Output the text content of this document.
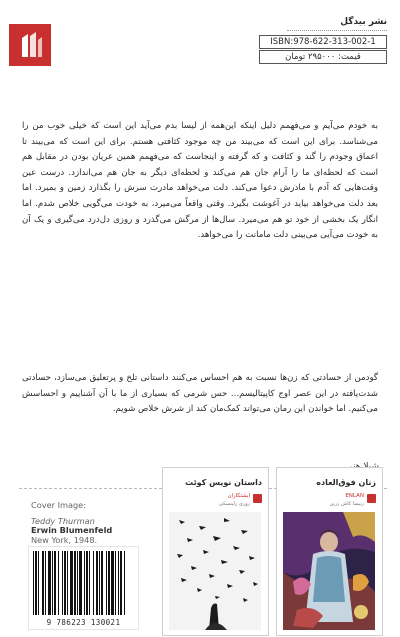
نشر بیدگل
ISBN:978-622-313-002-1
قیمت: ۲۹۵۰۰۰ تومان

به خودم می‌آیم و می‌فهمم دلیل اینکه این‌همه از لیسا بدم می‌آید این است که خیلی خوب من را می‌شناسد. برای این است که می‌بیند من چه موجود کثافتی هستم. برای این است که می‌بیند تا اعماق وجودم را گند و کثافت و که گرفته و اینجاست که می‌فهمم همین عریان بودن در مقابل هم است که لحظه‌ای ما را آرام جان هم می‌کند و لحظه‌ای دیگر به جان هم می‌اندازد. درست عین وقت‌هایی که آدم با مادرش دعوا می‌کند. دلت می‌خواهد مادرت سرش را بگذارد زمین و بمیرد. اما بعد دلت می‌خواهد بیاید در آغوشت بگیرد. وقتی واقعاً می‌میرد، به خودت می‌گویی خلاص شدم. اما انگار یک بخشی از خود تو هم می‌میرد. سال‌ها از مرگش می‌گذرد و روزی دل‌درد می‌گیری و یک آن به خودت می‌آیی می‌بینی دلت مامانت را می‌خواهد.

گودمن از حسادتی که زن‌ها نسبت به هم احساس می‌کنند داستانی تلخ و پرتعلیق می‌سازد، حسادتی شدت‌یافته در این عصر اوج کاپیتالیسم... حس شرمی که بسیاری از ما با آن آشناییم و احساسش می‌کنیم. اما خواندن این رمان می‌تواند کمک‌مان کند از شرش خلاص شویم.

Cover Image:
Teddy Thurman
Erwin Blumenfeld
New York, 1948.
زنان فوق‌العاده
ENLAN
زنیسا کاش زرین
داستان نویس کوئت
ایشتکاران
روزی زلینسکی
9 786223 130021
